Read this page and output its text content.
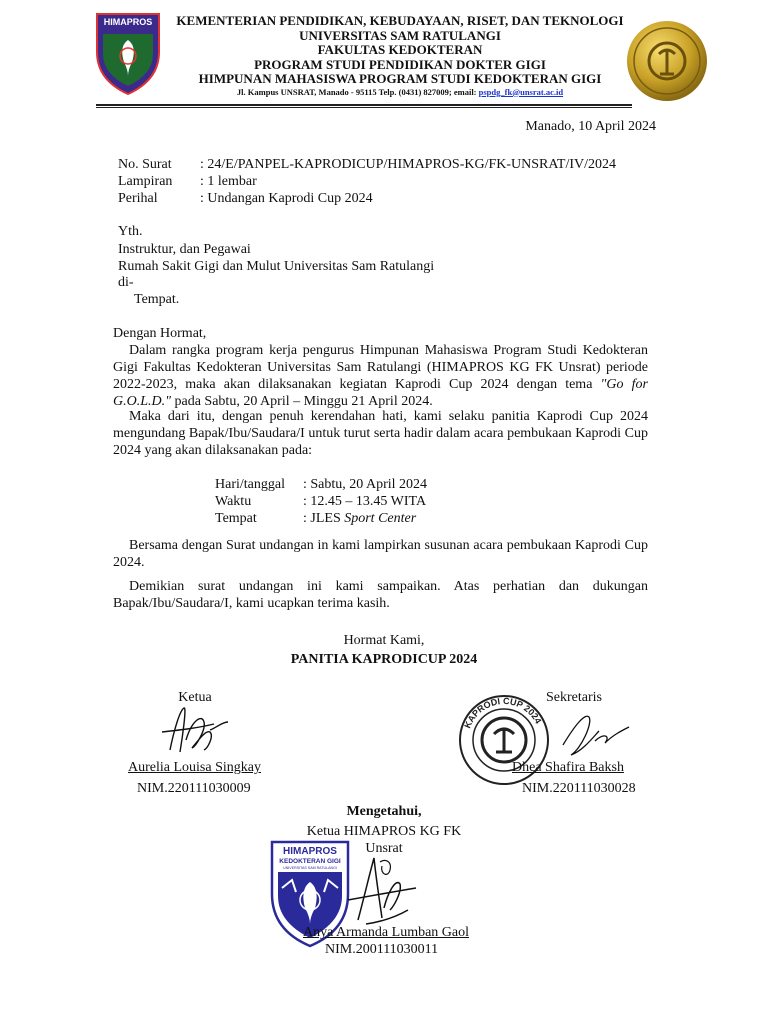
HIMAPROS	KEMENTERIAN PENDIDIKAN, KEBUDAYAAN, RISET, DAN TEKNOLOGI
UNIVERSITAS SAM RATULANGI
FAKULTAS KEDOKTERAN
PROGRAM STUDI PENDIDIKAN DOKTER GIGI
HIMPUNAN MAHASISWA PROGRAM STUDI KEDOKTERAN GIGI
Jl. Kampus UNSRAT, Manado - 95115 Telp. (0431) 827009; email: pspdg_fk@unsrat.ac.id
Manado, 10 April 2024
No. Surat : 24/E/PANPEL-KAPRODICUP/HIMAPROS-KG/FK-UNSRAT/IV/2024
Lampiran : 1 lembar
Perihal	: Undangan Kaprodi Cup 2024
Yth.
Instruktur, dan Pegawai
Rumah Sakit Gigi dan Mulut Universitas Sam Ratulangi
di-
Tempat.
Dengan Hormat,
Dalam rangka program kerja pengurus Himpunan Mahasiswa Program Studi Kedokteran Gigi Fakultas Kedokteran Universitas Sam Ratulangi (HIMAPROS KG FK Unsrat) periode 2022-2023, maka akan dilaksanakan kegiatan Kaprodi Cup 2024 dengan tema "Go for G.O.L.D." pada Sabtu, 20 April – Minggu 21 April 2024.
Maka dari itu, dengan penuh kerendahan hati, kami selaku panitia Kaprodi Cup 2024 mengundang Bapak/Ibu/Saudara/I untuk turut serta hadir dalam acara pembukaan Kaprodi Cup 2024 yang akan dilaksanakan pada:
Hari/tanggal : Sabtu, 20 April 2024
Waktu	: 12.45 – 13.45 WITA
Tempat	: JLES Sport Center
Bersama dengan Surat undangan in kami lampirkan susunan acara pembukaan Kaprodi Cup 2024.
Demikian surat undangan ini kami sampaikan. Atas perhatian dan dukungan Bapak/Ibu/Saudara/I, kami ucapkan terima kasih.
Hormat Kami,
PANITIA KAPRODICUP 2024
Ketua
Aurelia Louisa Singkay
NIM.220111030009
Sekretaris
KAPRODI CUP 2024
Dhea Shafira Baksh
NIM.220111030028
Mengetahui,
Ketua HIMAPROS KG FK
Unsrat
HIMAPROS
KEDOKTERAN GIGI
UNIVERSITAS SAM RATULANGI
Anya Armanda Lumban Gaol
NIM.200111030011
